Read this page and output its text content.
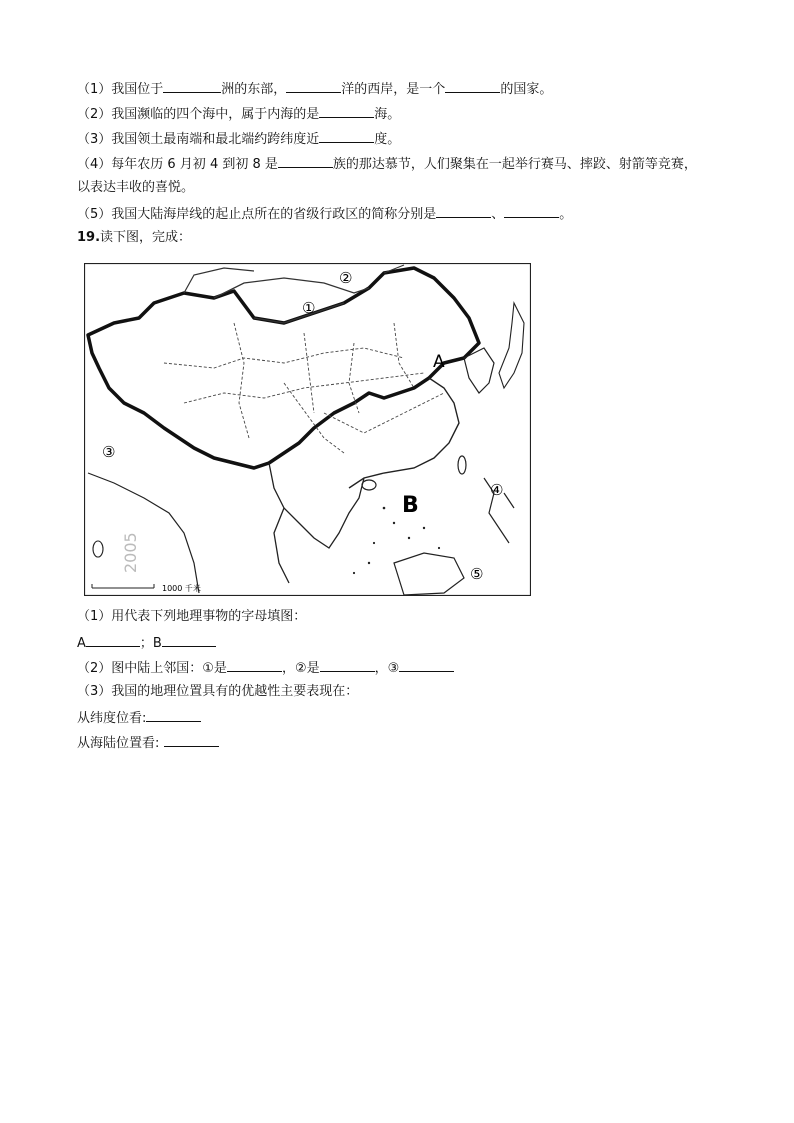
（1）我国位于	洲的东部，	洋的西岸，是一个	的国家。
（2）我国濒临的四个海中，属于内海的是	海。
（3）我国领土最南端和最北端约跨纬度近	度。
（4）每年农历 6 月初 4 到初 8 是	族的那达慕节，人们聚集在一起举行赛马、摔跤、射箭等竞赛，
以表达丰收的喜悦。
（5）我国大陆海岸线的起止点所在的省级行政区的简称分别是	、	。
19.读下图，完成：
①
②
③
④
⑤
A
B
2005
1000 千米
（1）用代表下列地理事物的字母填图：
A	；B
（2）图中陆上邻国：①是	，②是	，③
（3）我国的地理位置具有的优越性主要表现在：
从纬度位看:
从海陆位置看:
